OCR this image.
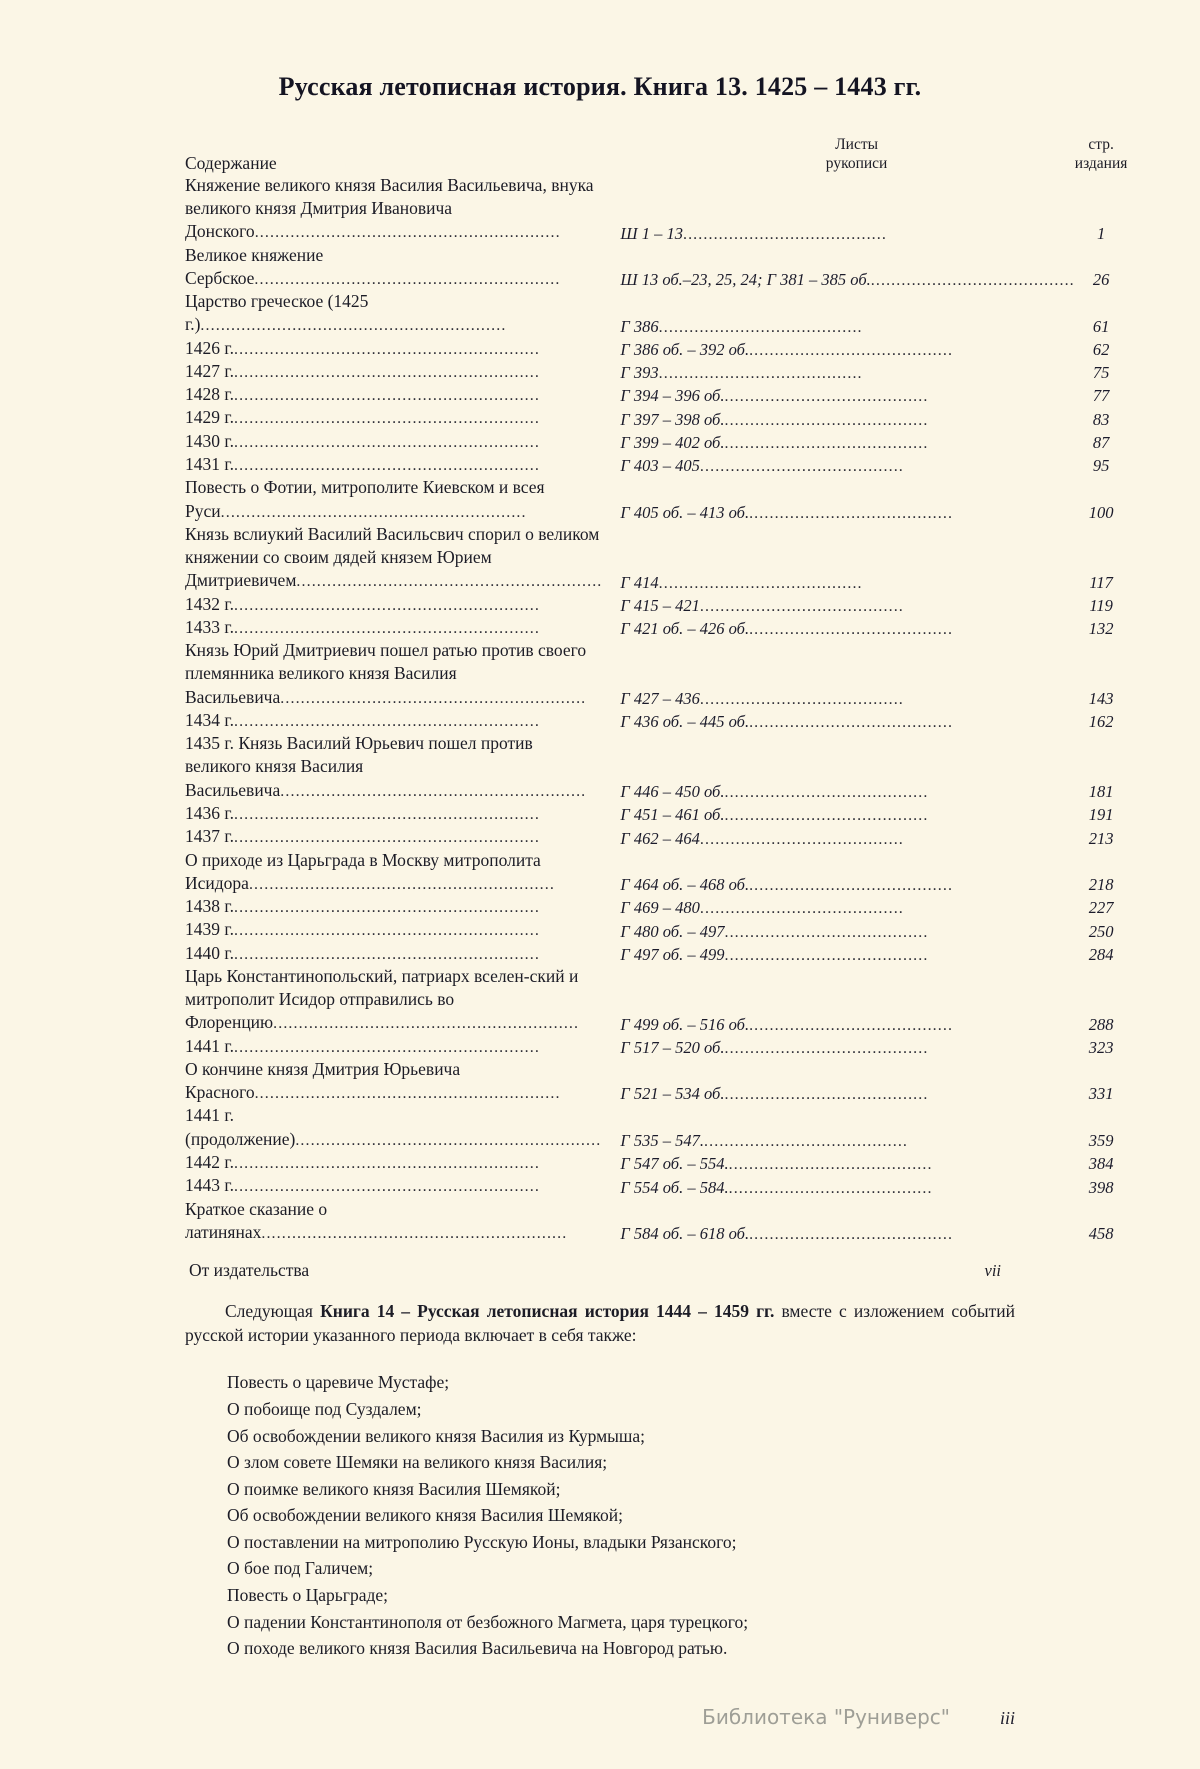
Русская летописная история. Книга 13. 1425 – 1443 гг.
Содержание	
Листы
рукописи

стр.
издания

Княжение великого князя Василия Васильевича, внука великого князя Дмитрия Ивановича Донского............................................................	Ш 1 – 13........................................	1
Великое княжение Сербское............................................................	Ш 13 об.–23, 25, 24; Г 381 – 385 об.........................................	26
Царство греческое (1425 г.)............................................................	Г 386........................................	61
1426 г.............................................................	Г 386 об. – 392 об.........................................	62
1427 г.............................................................	Г 393........................................	75
1428 г.............................................................	Г 394 – 396 об.........................................	77
1429 г.............................................................	Г 397 – 398 об.........................................	83
1430 г.............................................................	Г 399 – 402 об.........................................	87
1431 г.............................................................	Г 403 – 405........................................	95
Повесть о Фотии, митрополите Киевском и всея Руси............................................................	Г 405 об. – 413 об.........................................	100
Князь вслиукий Василий Васильсвич спорил о великом княжении со своим дядей князем Юрием Дмитриевичем............................................................	Г 414........................................	117
1432 г.............................................................	Г 415 – 421........................................	119
1433 г.............................................................	Г 421 об. – 426 об.........................................	132
Князь Юрий Дмитриевич пошел ратью против своего племянника великого князя Василия Васильевича............................................................	Г 427 – 436........................................	143
1434 г.............................................................	Г 436 об. – 445 об.........................................	162
1435 г. Князь Василий Юрьевич пошел против великого князя Василия Васильевича............................................................	Г 446 – 450 об.........................................	181
1436 г.............................................................	Г 451 – 461 об.........................................	191
1437 г.............................................................	Г 462 – 464........................................	213
О приходе из Царьграда в Москву митрополита Исидора............................................................	Г 464 об. – 468 об.........................................	218
1438 г.............................................................	Г 469 – 480........................................	227
1439 г.............................................................	Г 480 об. – 497........................................	250
1440 г.............................................................	Г 497 об. – 499........................................	284
Царь Константинопольский, патриарх вселен-ский и митрополит Исидор отправились во Флоренцию............................................................	Г 499 об. – 516 об.........................................	288
1441 г.............................................................	Г 517 – 520 об.........................................	323
О кончине князя Дмитрия Юрьевича Красного............................................................	Г 521 – 534 об.........................................	331
1441 г. (продолжение)............................................................	Г 535 – 547.........................................	359
1442 г.............................................................	Г 547 об. – 554.........................................	384
1443 г.............................................................	Г 554 об. – 584.........................................	398
Краткое сказание о латинянах............................................................	Г 584 об. – 618 об.........................................	458
От издательства	vii
Следующая Книга 14 – Русская летописная история 1444 – 1459 гг. вместе с изложением событий русской истории указанного периода включает в себя также:
Повесть о царевиче Мустафе;
О побоище под Суздалем;
Об освобождении великого князя Василия из Курмыша;
О злом совете Шемяки на великого князя Василия;
О поимке великого князя Василия Шемякой;
Об освобождении великого князя Василия Шемякой;
О поставлении на митрополию Русскую Ионы, владыки Рязанского;
О бое под Галичем;
Повесть о Царьграде;
О падении Константинополя от безбожного Магмета, царя турецкого;
О походе великого князя Василия Васильевича на Новгород ратью.
Библиотека "Руниверс"	iii
